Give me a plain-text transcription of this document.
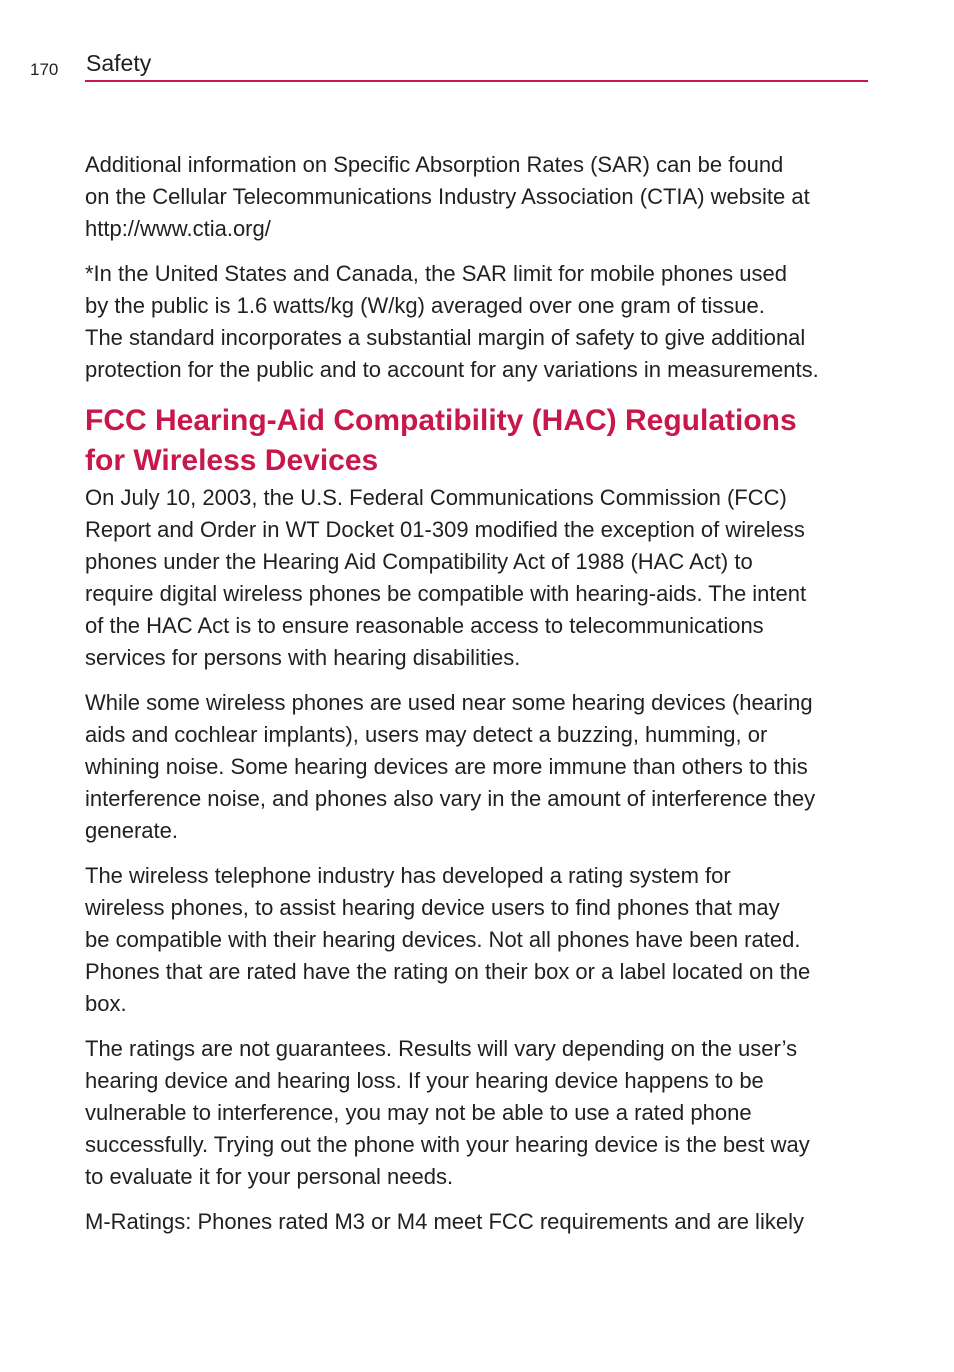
170 Safety

Additional information on Specific Absorption Rates (SAR) can be found
on the Cellular Telecommunications Industry Association (CTIA) website at
http://www.ctia.org/

*In the United States and Canada, the SAR limit for mobile phones used
by the public is 1.6 watts/kg (W/kg) averaged over one gram of tissue.
The standard incorporates a substantial margin of safety to give additional
protection for the public and to account for any variations in measurements.

FCC Hearing-Aid Compatibility (HAC) Regulations
for Wireless Devices

On July 10, 2003, the U.S. Federal Communications Commission (FCC)
Report and Order in WT Docket 01-309 modified the exception of wireless
phones under the Hearing Aid Compatibility Act of 1988 (HAC Act) to
require digital wireless phones be compatible with hearing-aids. The intent
of the HAC Act is to ensure reasonable access to telecommunications
services for persons with hearing disabilities.

While some wireless phones are used near some hearing devices (hearing
aids and cochlear implants), users may detect a buzzing, humming, or
whining noise. Some hearing devices are more immune than others to this
interference noise, and phones also vary in the amount of interference they
generate.

The wireless telephone industry has developed a rating system for
wireless phones, to assist hearing device users to find phones that may
be compatible with their hearing devices. Not all phones have been rated.
Phones that are rated have the rating on their box or a label located on the
box.

The ratings are not guarantees. Results will vary depending on the user’s
hearing device and hearing loss. If your hearing device happens to be
vulnerable to interference, you may not be able to use a rated phone
successfully. Trying out the phone with your hearing device is the best way
to evaluate it for your personal needs.

M-Ratings: Phones rated M3 or M4 meet FCC requirements and are likely
